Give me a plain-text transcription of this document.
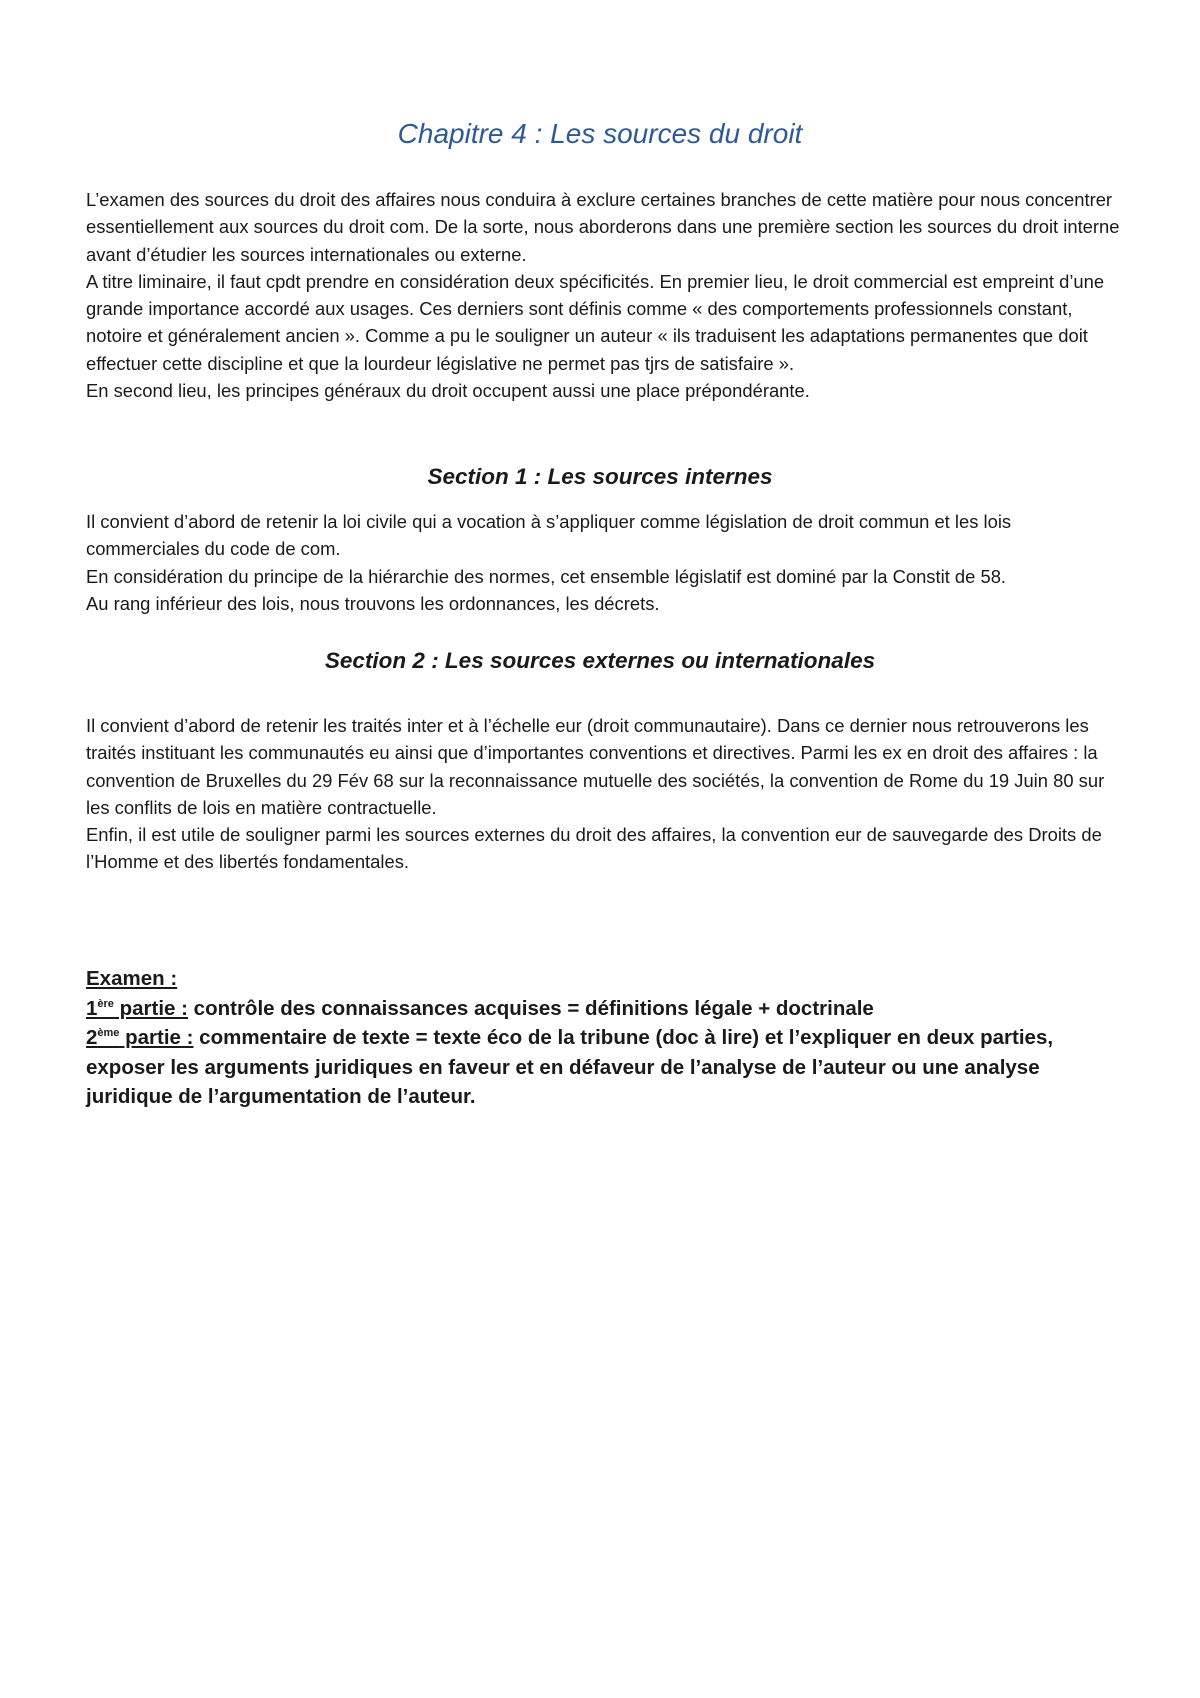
Chapitre 4 : Les sources du droit

L’examen des sources du droit des affaires nous conduira à exclure certaines branches de cette matière pour nous concentrer essentiellement aux sources du droit com. De la sorte, nous aborderons dans une première section les sources du droit interne avant d’étudier les sources internationales ou externe.

A titre liminaire, il faut cpdt prendre en considération deux spécificités. En premier lieu, le droit commercial est empreint d’une grande importance accordé aux usages. Ces derniers sont définis comme « des comportements professionnels constant, notoire et généralement ancien ». Comme a pu le souligner un auteur « ils traduisent les adaptations permanentes que doit effectuer cette discipline et que la lourdeur législative ne permet pas tjrs de satisfaire ».

En second lieu, les principes généraux du droit occupent aussi une place prépondérante.

Section 1 : Les sources internes

Il convient d’abord de retenir la loi civile qui a vocation à s’appliquer comme législation de droit commun et les lois commerciales du code de com.

En considération du principe de la hiérarchie des normes, cet ensemble législatif est dominé par la Constit de 58.

Au rang inférieur des lois, nous trouvons les ordonnances, les décrets.

Section 2 : Les sources externes ou internationales

Il convient d’abord de retenir les traités inter et à l’échelle eur (droit communautaire). Dans ce dernier nous retrouverons les traités instituant les communautés eu ainsi que d’importantes conventions et directives. Parmi les ex en droit des affaires : la convention de Bruxelles du 29 Fév 68 sur la reconnaissance mutuelle des sociétés, la convention de Rome du 19 Juin 80 sur les conflits de lois en matière contractuelle.

Enfin, il est utile de souligner parmi les sources externes du droit des affaires, la convention eur de sauvegarde des Droits de l’Homme et des libertés fondamentales.

Examen :

1ère partie : contrôle des connaissances acquises = définitions légale + doctrinale

2ème partie : commentaire de texte = texte éco de la tribune (doc à lire) et l’expliquer en deux parties, exposer les arguments juridiques en faveur et en défaveur de l’analyse de l’auteur ou une analyse juridique de l’argumentation de l’auteur.
